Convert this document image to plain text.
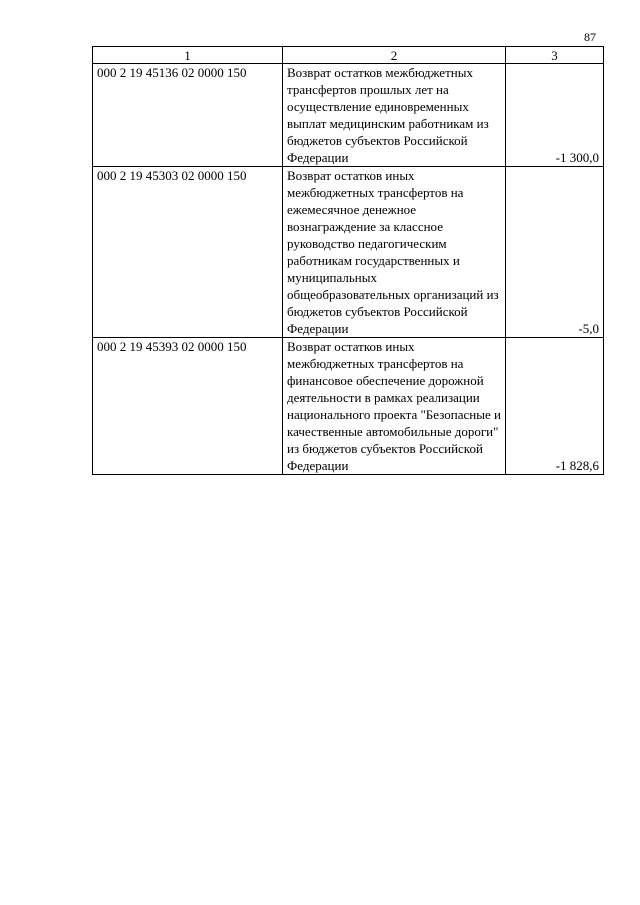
87
1	2	3
000 2 19 45136 02 0000 150	Возврат остатков межбюджетных трансфертов прошлых лет на осуществление единовременных выплат медицинским работникам из бюджетов субъектов Российской Федерации	-1 300,0
000 2 19 45303 02 0000 150	Возврат остатков иных межбюджетных трансфертов на ежемесячное денежное вознаграждение за классное руководство педагогическим работникам государственных и муниципальных общеобразовательных организаций из бюджетов субъектов Российской Федерации	-5,0
000 2 19 45393 02 0000 150	Возврат остатков иных межбюджетных трансфертов на финансовое обеспечение дорожной деятельности в рамках реализации национального проекта "Безопасные и качественные автомобильные дороги" из бюджетов субъектов Российской Федерации	-1 828,6
